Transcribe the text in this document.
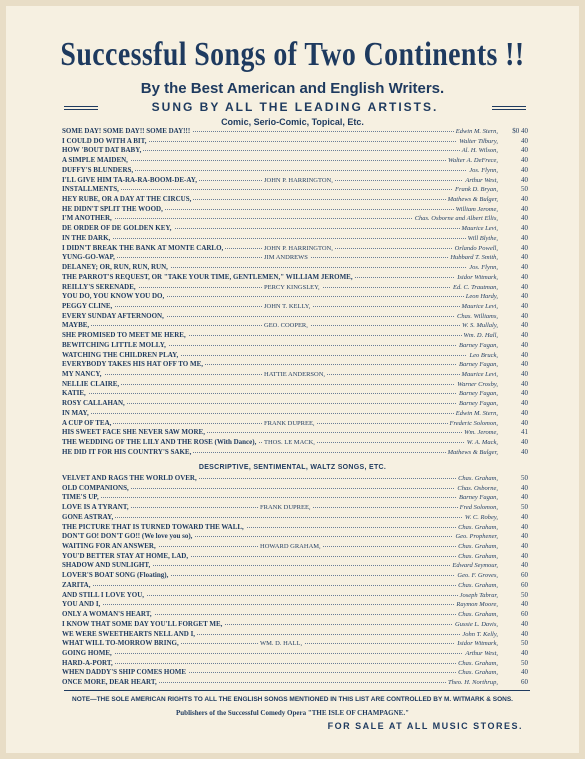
Successful Songs of Two Continents !!
By the Best American and English Writers.
SUNG BY ALL THE LEADING ARTISTS.
Comic, Serio-Comic, Topical, Etc.
SOME DAY! SOME DAY!! SOME DAY!!!	Edwin M. Stern,	$0 40
I COULD DO WITH A BIT,	Walter Tilbury,	40
HOW 'BOUT DAT BABY,	Al. H. Wilson,	40
A SIMPLE MAIDEN,	Walter A. DeFrece,	40
DUFFY'S BLUNDERS,	Jos. Flynn,	40
I'LL GIVE HIM TA-RA-RA-BOOM-DE-AY,	JOHN P. HARRINGTON,	Arthur West,	40
INSTALLMENTS,	Frank D. Bryan,	50
HEY RUBE, OR A DAY AT THE CIRCUS,	Mathews & Bulger,	40
HE DIDN'T SPLIT THE WOOD,	William Jerome,	40
I'M ANOTHER,	Chas. Osborne and Albert Ellis,	40
DE ORDER OF DE GOLDEN KEY,	Maurice Levi,	40
IN THE DARK,	Will Blythe,	40
I DIDN'T BREAK THE BANK AT MONTE CARLO,	JOHN P. HARRINGTON,	Orlando Powell,	40
YUNG-GO-WAP,	JIM ANDREWS	Hubbard T. Smith,	40
DELANEY; OR, RUN, RUN, RUN,	Jos. Flynn,	40
THE PARROT'S REQUEST, OR "TAKE YOUR TIME, GENTLEMEN," WILLIAM JEROME,	Isidor Witmark,	40
REILLY'S SERENADE,	PERCY KINGSLEY,	Ed. C. Trautman,	40
YOU DO, YOU KNOW YOU DO,	Leon Hardy,	40
PEGGY CLINE,	JOHN T. KELLY,	Maurice Levi,	40
EVERY SUNDAY AFTERNOON,	Chas. Williams,	40
MAYBE,	GEO. COOPER,	W. S. Mullaly,	40
SHE PROMISED TO MEET ME HERE,	Wm. D. Hall,	40
BEWITCHING LITTLE MOLLY,	Barney Fagan,	40
WATCHING THE CHILDREN PLAY,	Leo Bruck,	40
EVERYBODY TAKES HIS HAT OFF TO ME,	Barney Fagan,	40
MY NANCY,	HATTIE ANDERSON,	Maurice Levi,	40
NELLIE CLAIRE,	Warner Crosby,	40
KATIE,	Barney Fagan,	40
ROSY CALLAHAN,	Barney Fagan,	40
IN MAY,	Edwin M. Stern,	40
A CUP OF TEA,	FRANK DUPREE,	Frederic Solomon,	40
HIS SWEET FACE SHE NEVER SAW MORE,	Wm. Jerome,	41
THE WEDDING OF THE LILY AND THE ROSE (With Dance),	THOS. LE MACK,	W. A. Mack,	40
HE DID IT FOR HIS COUNTRY'S SAKE,	Mathews & Bulger,	40
DESCRIPTIVE, SENTIMENTAL, WALTZ SONGS, ETC.
VELVET AND RAGS THE WORLD OVER,	Chas. Graham,	50
OLD COMPANIONS,	Chas. Osborne,	40
TIME'S UP,	Barney Fagan,	40
LOVE IS A TYRANT,	FRANK DUPREE,	Fred Solomon,	50
GONE ASTRAY,	W. C. Robey,	40
THE PICTURE THAT IS TURNED TOWARD THE WALL,	Chas. Graham,	40
DON'T GO! DON'T GO!! (We love you so),	Geo. Prophener,	40
WAITING FOR AN ANSWER,	HOWARD GRAHAM,	Chas. Graham,	40
YOU'D BETTER STAY AT HOME, LAD,	Chas. Graham,	40
SHADOW AND SUNLIGHT,	Edward Seymour,	40
LOVER'S BOAT SONG (Floating),	Geo. F. Groves,	60
ZARITA,	Chas. Graham,	60
AND STILL I LOVE YOU,	Joseph Tabrar,	50
YOU AND I,	Raymon Moore,	40
ONLY A WOMAN'S HEART,	Chas. Graham,	60
I KNOW THAT SOME DAY YOU'LL FORGET ME,	Gussie L. Davis,	40
WE WERE SWEETHEARTS NELL AND I,	John T. Kelly,	40
WHAT WILL TO-MORROW BRING,	WM. D. HALL,	Isidor Witmark,	50
GOING HOME,	Arthur West,	40
HARD-A-PORT,	Chas. Graham,	50
WHEN DADDY'S SHIP COMES HOME	Chas. Graham,	40
ONCE MORE, DEAR HEART,	Theo. H. Northrup,	60
NOTE—THE SOLE AMERICAN RIGHTS TO ALL THE ENGLISH SONGS MENTIONED IN THIS LIST ARE CONTROLLED BY M. WITMARK & SONS.
Publishers of the Successful Comedy Opera "THE ISLE OF CHAMPAGNE."
FOR SALE AT ALL MUSIC STORES.
